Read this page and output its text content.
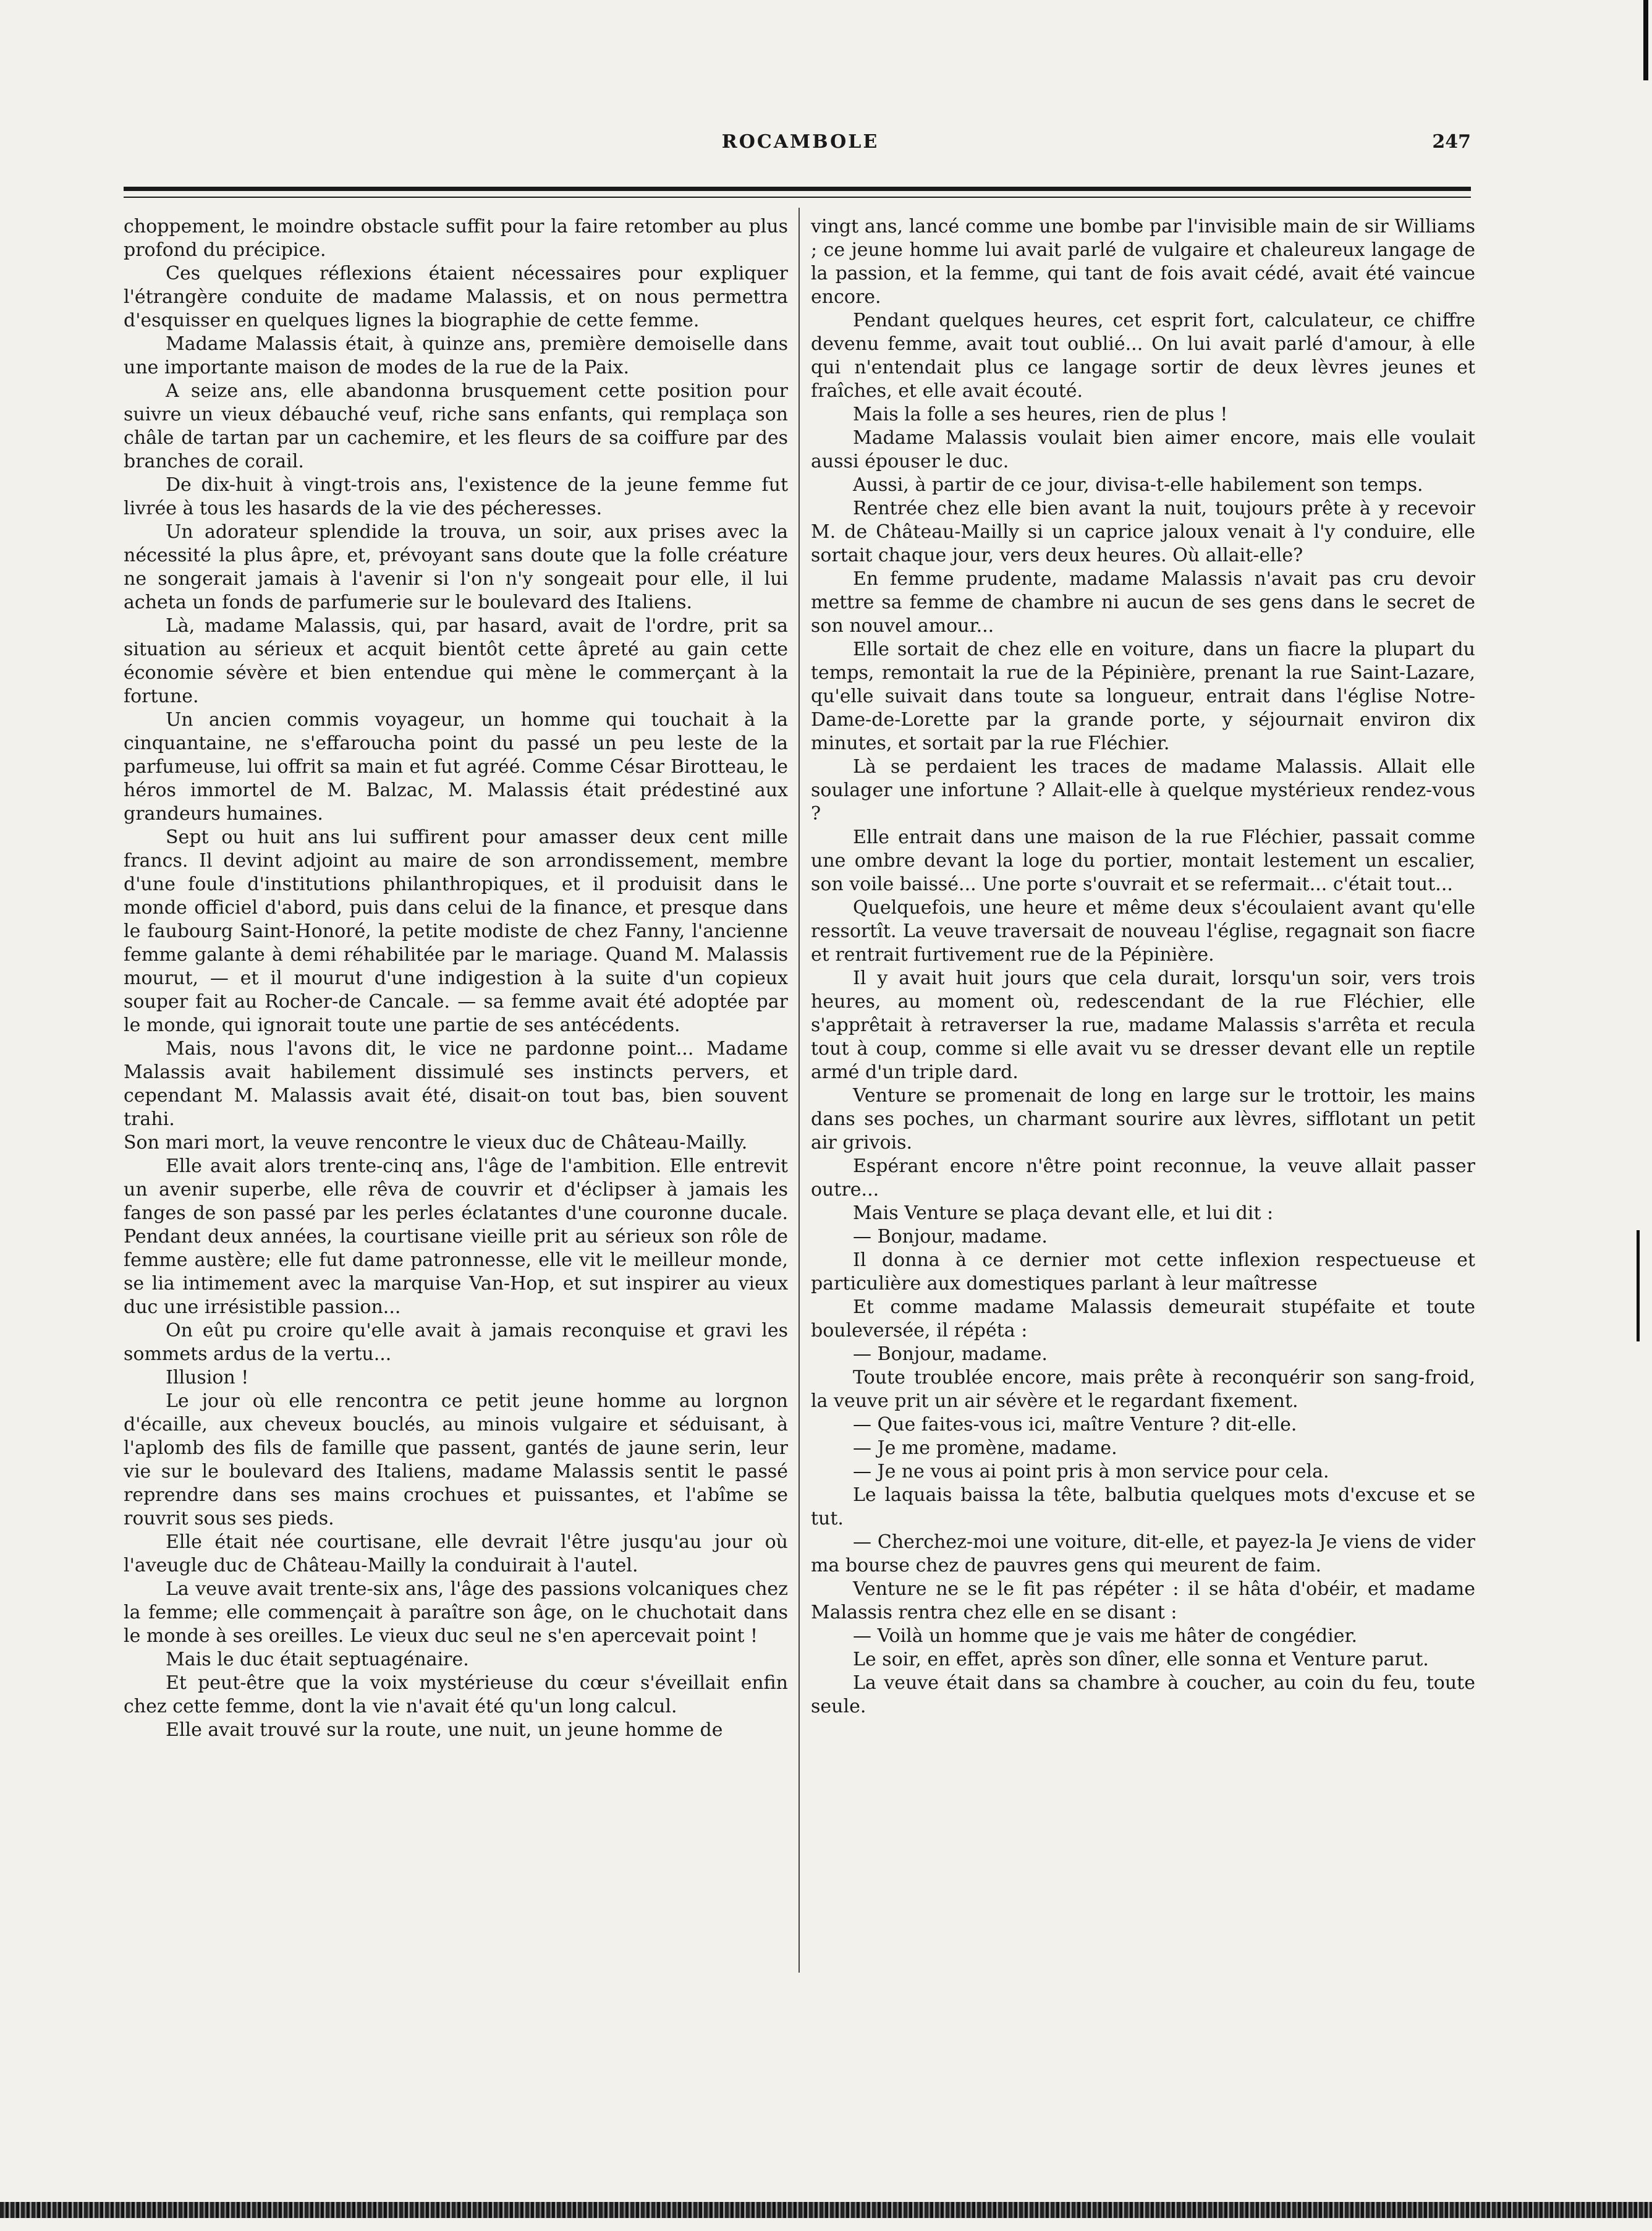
ROCAMBOLE	247

choppement, le moindre obstacle suffit pour la faire retomber au plus profond du précipice.

Ces quelques réflexions étaient nécessaires pour expliquer l'étrangère conduite de madame Malassis, et on nous permettra d'esquisser en quelques lignes la biographie de cette femme.

Madame Malassis était, à quinze ans, première demoiselle dans une importante maison de modes de la rue de la Paix.

A seize ans, elle abandonna brusquement cette position pour suivre un vieux débauché veuf, riche sans enfants, qui remplaça son châle de tartan par un cachemire, et les fleurs de sa coiffure par des branches de corail.

De dix-huit à vingt-trois ans, l'existence de la jeune femme fut livrée à tous les hasards de la vie des pécheresses.

Un adorateur splendide la trouva, un soir, aux prises avec la nécessité la plus âpre, et, prévoyant sans doute que la folle créature ne songerait jamais à l'avenir si l'on n'y songeait pour elle, il lui acheta un fonds de parfumerie sur le boulevard des Italiens.

Là, madame Malassis, qui, par hasard, avait de l'ordre, prit sa situation au sérieux et acquit bientôt cette âpreté au gain cette économie sévère et bien entendue qui mène le commerçant à la fortune.

Un ancien commis voyageur, un homme qui touchait à la cinquantaine, ne s'effaroucha point du passé un peu leste de la parfumeuse, lui offrit sa main et fut agréé. Comme César Birotteau, le héros immortel de M. Balzac, M. Malassis était prédestiné aux grandeurs humaines.

Sept ou huit ans lui suffirent pour amasser deux cent mille francs. Il devint adjoint au maire de son arrondissement, membre d'une foule d'institutions philanthropiques, et il produisit dans le monde officiel d'abord, puis dans celui de la finance, et presque dans le faubourg Saint-Honoré, la petite modiste de chez Fanny, l'ancienne femme galante à demi réhabilitée par le mariage. Quand M. Malassis mourut, — et il mourut d'une indigestion à la suite d'un copieux souper fait au Rocher-de Cancale. — sa femme avait été adoptée par le monde, qui ignorait toute une partie de ses antécédents.

Mais, nous l'avons dit, le vice ne pardonne point... Madame Malassis avait habilement dissimulé ses instincts pervers, et cependant M. Malassis avait été, disait-on tout bas, bien souvent trahi.

Son mari mort, la veuve rencontre le vieux duc de Château-Mailly.

Elle avait alors trente-cinq ans, l'âge de l'ambition. Elle entrevit un avenir superbe, elle rêva de couvrir et d'éclipser à jamais les fanges de son passé par les perles éclatantes d'une couronne ducale. Pendant deux années, la courtisane vieille prit au sérieux son rôle de femme austère; elle fut dame patronnesse, elle vit le meilleur monde, se lia intimement avec la marquise Van-Hop, et sut inspirer au vieux duc une irrésistible passion...

On eût pu croire qu'elle avait à jamais reconquise et gravi les sommets ardus de la vertu...

Illusion !

Le jour où elle rencontra ce petit jeune homme au lorgnon d'écaille, aux cheveux bouclés, au minois vulgaire et séduisant, à l'aplomb des fils de famille que passent, gantés de jaune serin, leur vie sur le boulevard des Italiens, madame Malassis sentit le passé reprendre dans ses mains crochues et puissantes, et l'abîme se rouvrit sous ses pieds.

Elle était née courtisane, elle devrait l'être jusqu'au jour où l'aveugle duc de Château-Mailly la conduirait à l'autel.

La veuve avait trente-six ans, l'âge des passions volcaniques chez la femme; elle commençait à paraître son âge, on le chuchotait dans le monde à ses oreilles. Le vieux duc seul ne s'en apercevait point !

Mais le duc était septuagénaire.

Et peut-être que la voix mystérieuse du cœur s'éveillait enfin chez cette femme, dont la vie n'avait été qu'un long calcul.

Elle avait trouvé sur la route, une nuit, un jeune homme de

vingt ans, lancé comme une bombe par l'invisible main de sir Williams ; ce jeune homme lui avait parlé de vulgaire et chaleureux langage de la passion, et la femme, qui tant de fois avait cédé, avait été vaincue encore.

Pendant quelques heures, cet esprit fort, calculateur, ce chiffre devenu femme, avait tout oublié... On lui avait parlé d'amour, à elle qui n'entendait plus ce langage sortir de deux lèvres jeunes et fraîches, et elle avait écouté.

Mais la folle a ses heures, rien de plus !

Madame Malassis voulait bien aimer encore, mais elle voulait aussi épouser le duc.

Aussi, à partir de ce jour, divisa-t-elle habilement son temps.

Rentrée chez elle bien avant la nuit, toujours prête à y recevoir M. de Château-Mailly si un caprice jaloux venait à l'y conduire, elle sortait chaque jour, vers deux heures. Où allait-elle?

En femme prudente, madame Malassis n'avait pas cru devoir mettre sa femme de chambre ni aucun de ses gens dans le secret de son nouvel amour...

Elle sortait de chez elle en voiture, dans un fiacre la plupart du temps, remontait la rue de la Pépinière, prenant la rue Saint-Lazare, qu'elle suivait dans toute sa longueur, entrait dans l'église Notre-Dame-de-Lorette par la grande porte, y séjournait environ dix minutes, et sortait par la rue Fléchier.

Là se perdaient les traces de madame Malassis. Allait elle soulager une infortune ? Allait-elle à quelque mystérieux rendez-vous ?

Elle entrait dans une maison de la rue Fléchier, passait comme une ombre devant la loge du portier, montait lestement un escalier, son voile baissé... Une porte s'ouvrait et se refermait... c'était tout...

Quelquefois, une heure et même deux s'écoulaient avant qu'elle ressortît. La veuve traversait de nouveau l'église, regagnait son fiacre et rentrait furtivement rue de la Pépinière.

Il y avait huit jours que cela durait, lorsqu'un soir, vers trois heures, au moment où, redescendant de la rue Fléchier, elle s'apprêtait à retraverser la rue, madame Malassis s'arrêta et recula tout à coup, comme si elle avait vu se dresser devant elle un reptile armé d'un triple dard.

Venture se promenait de long en large sur le trottoir, les mains dans ses poches, un charmant sourire aux lèvres, sifflotant un petit air grivois.

Espérant encore n'être point reconnue, la veuve allait passer outre...

Mais Venture se plaça devant elle, et lui dit :

— Bonjour, madame.

Il donna à ce dernier mot cette inflexion respectueuse et particulière aux domestiques parlant à leur maîtresse

Et comme madame Malassis demeurait stupéfaite et toute bouleversée, il répéta :

— Bonjour, madame.

Toute troublée encore, mais prête à reconquérir son sang-froid, la veuve prit un air sévère et le regardant fixement.

— Que faites-vous ici, maître Venture ? dit-elle.

— Je me promène, madame.

— Je ne vous ai point pris à mon service pour cela.

Le laquais baissa la tête, balbutia quelques mots d'excuse et se tut.

— Cherchez-moi une voiture, dit-elle, et payez-la Je viens de vider ma bourse chez de pauvres gens qui meurent de faim.

Venture ne se le fit pas répéter : il se hâta d'obéir, et madame Malassis rentra chez elle en se disant :

— Voilà un homme que je vais me hâter de congédier.

Le soir, en effet, après son dîner, elle sonna et Venture parut.

La veuve était dans sa chambre à coucher, au coin du feu, toute seule.
